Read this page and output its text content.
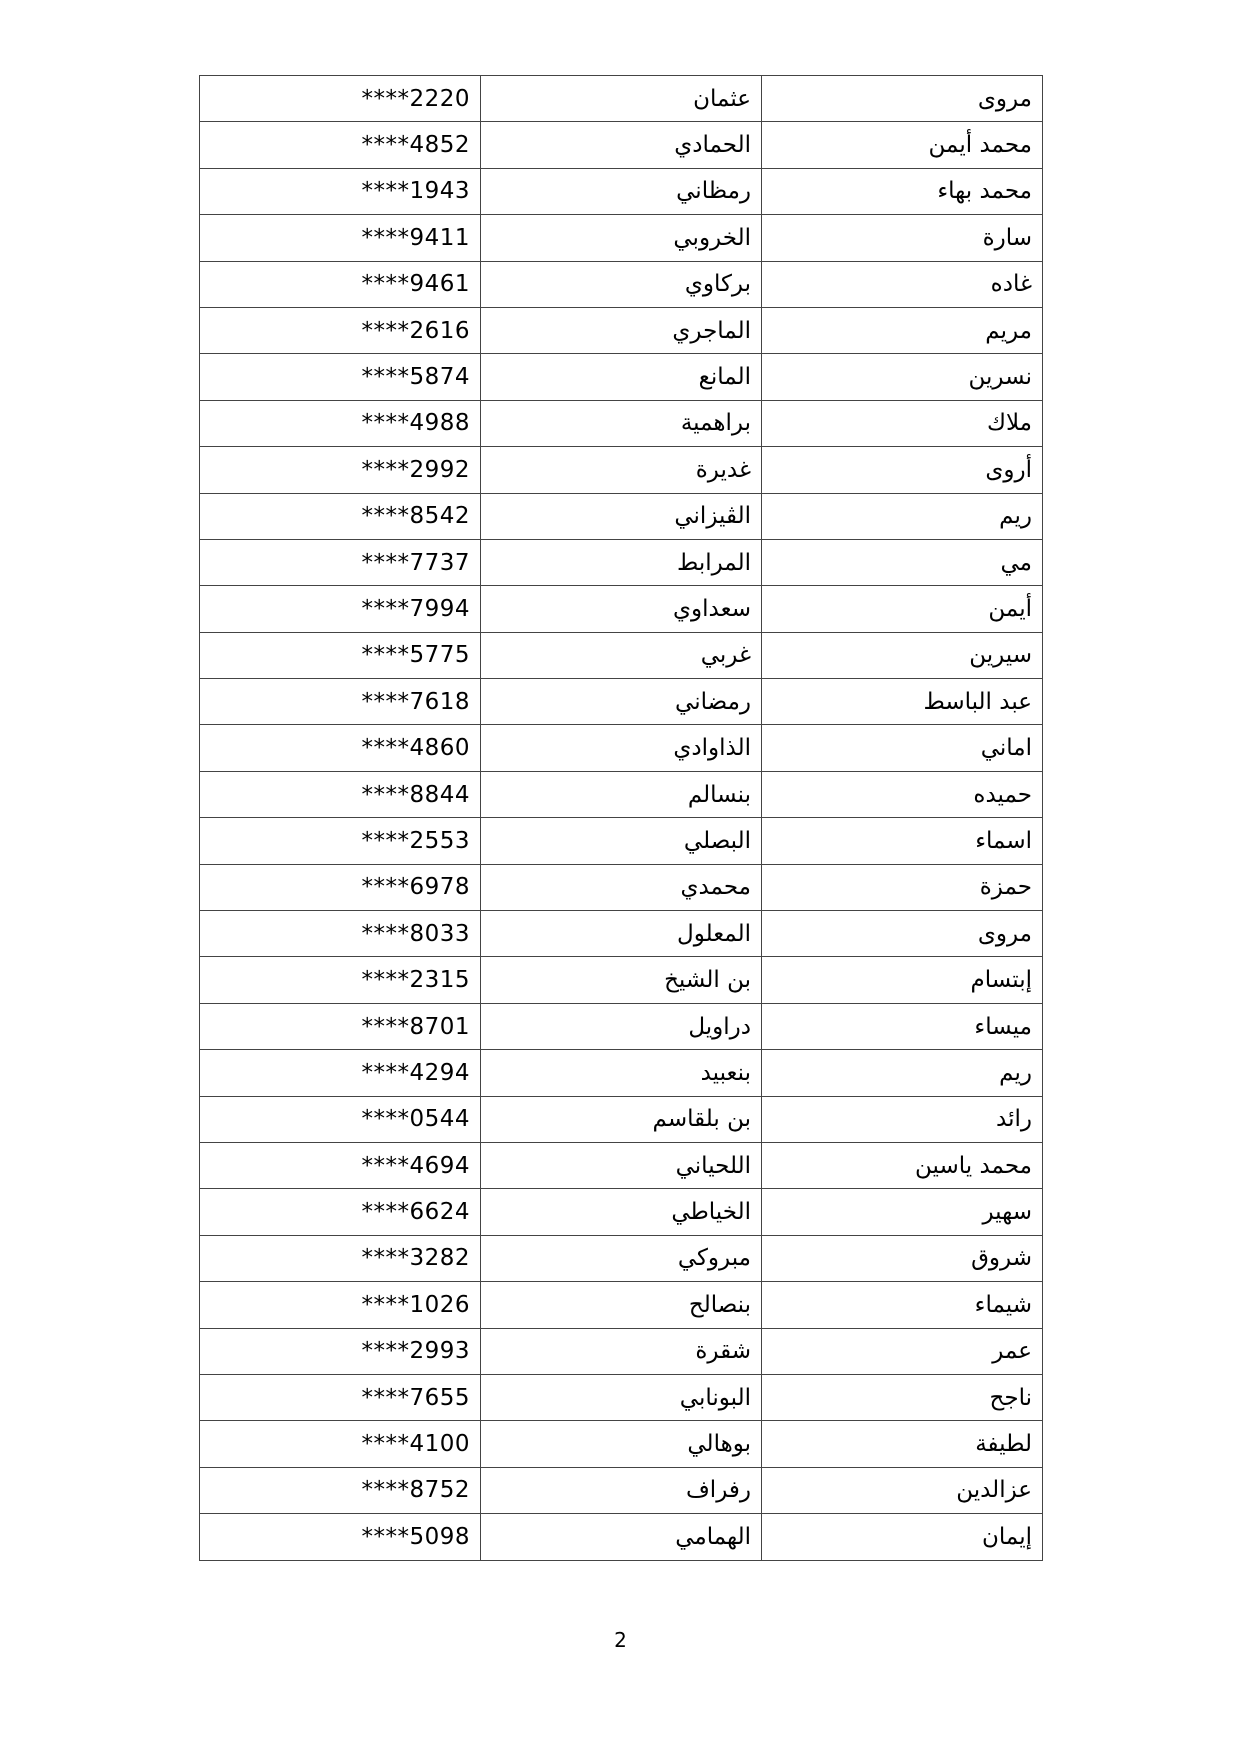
مروى	عثمان	****2220
محمد أيمن	الحمادي	****4852
محمد بهاء	رمظاني	****1943
سارة	الخروبي	****9411
غاده	بركاوي	****9461
مريم	الماجري	****2616
نسرين	المانع	****5874
ملاك	براهمية	****4988
أروى	غديرة	****2992
ريم	الڤيزاني	****8542
مي	المرابط	****7737
أيمن	سعداوي	****7994
سيرين	غربي	****5775
عبد الباسط	رمضاني	****7618
اماني	الذاوادي	****4860
حميده	بنسالم	****8844
اسماء	البصلي	****2553
حمزة	محمدي	****6978
مروى	المعلول	****8033
إبتسام	بن الشيخ	****2315
ميساء	دراويل	****8701
ريم	بنعبيد	****4294
رائد	بن بلقاسم	****0544
محمد ياسين	اللحياني	****4694
سهير	الخياطي	****6624
شروق	مبروكي	****3282
شيماء	بنصالح	****1026
عمر	شقرة	****2993
ناجح	البونابي	****7655
لطيفة	بوهالي	****4100
عزالدين	رفراف	****8752
إيمان	الهمامي	****5098
2
